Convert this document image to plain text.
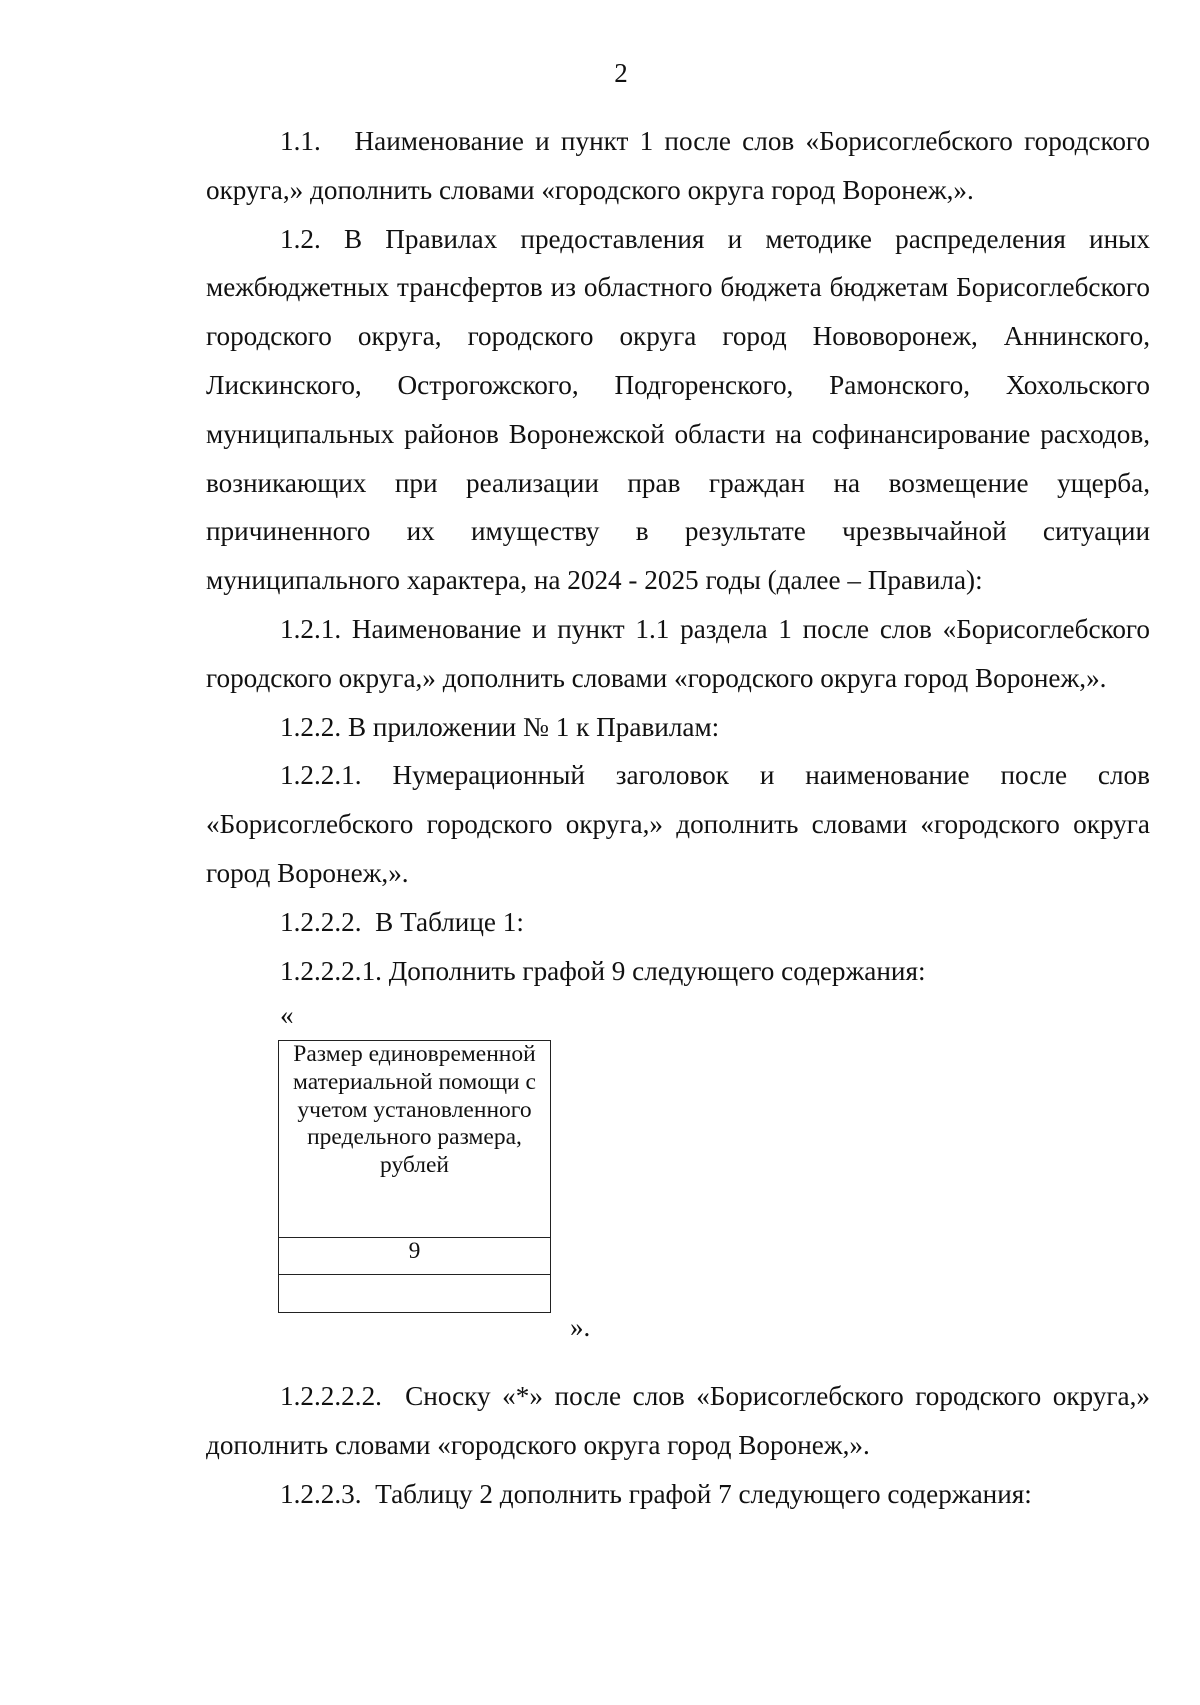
2

1.1.   Наименование и пункт 1 после слов «Борисоглебского городского округа,» дополнить словами «городского округа город Воронеж,».

1.2. В Правилах предоставления и методике распределения иных межбюджетных трансфертов из областного бюджета бюджетам Борисоглебского городского округа, городского округа город Нововоронеж, Аннинского, Лискинского, Острогожского, Подгоренского, Рамонского, Хохольского муниципальных районов Воронежской области на софинансирование расходов, возникающих при реализации прав граждан на возмещение ущерба, причиненного их имуществу в результате чрезвычайной ситуации муниципального характера, на 2024 - 2025 годы (далее – Правила):

1.2.1. Наименование и пункт 1.1 раздела 1 после слов «Борисоглебского городского округа,» дополнить словами «городского округа город Воронеж,».

1.2.2. В приложении № 1 к Правилам:

1.2.2.1. Нумерационный заголовок и наименование после слов «Борисоглебского городского округа,» дополнить словами «городского округа город Воронеж,».

1.2.2.2.  В Таблице 1:

1.2.2.2.1. Дополнить графой 9 следующего содержания:

«
Размер единовременной материальной помощи с учетом установленного предельного размера, рублей
9

».

1.2.2.2.2.  Сноску «*» после слов «Борисоглебского городского округа,» дополнить словами «городского округа город Воронеж,».

1.2.2.3.  Таблицу 2 дополнить графой 7 следующего содержания:
